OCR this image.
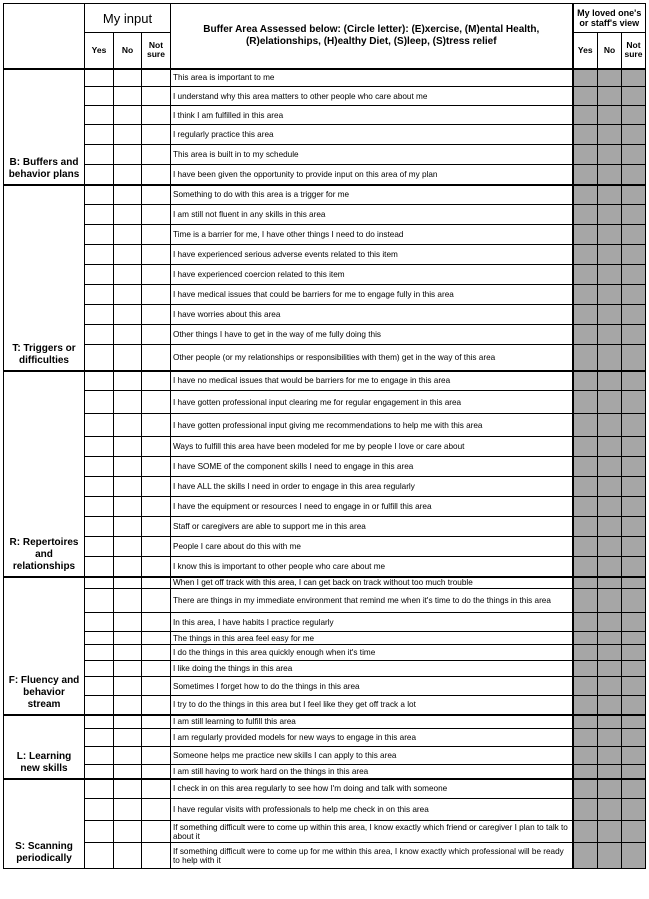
	My input			Buffer Area Assessed below: (Circle letter): (E)xercise, (M)ental Health, (R)elationships, (H)ealthy Diet, (S)leep, (S)tress relief	My loved one's or staff's view		
	Yes	No	Not sure		Yes	No	Not sure
B: Buffers and behavior plans				This area is important to me			
				I understand why this area matters to other people who care about me			
				I think I am fulfilled in this area			
				I regularly practice this area			
				This area is built in to my schedule			
				I have been given the opportunity to provide input on this area of my plan			
T: Triggers or difficulties				Something to do with this area is a trigger for me			
				I am still not fluent in any skills in this area			
				Time is a barrier for me, I have other things I need to do instead			
				I have experienced serious adverse events related to this item			
				I have experienced coercion related to this item			
				I have medical issues that could be barriers for me to engage fully in this area			
				I have worries about this area			
				Other things I have to get in the way of me fully doing this			
				Other people (or my relationships or responsibilities with them) get in the way of this area			
R: Repertoires and relationships				I have no medical issues that would be barriers for me to engage in this area			
				I have gotten professional input clearing me for regular engagement in this area			
				I have gotten professional input giving me recommendations to help me with this area			
				Ways to fulfill this area have been modeled for me by people I love or care about			
				I have SOME of the component skills I need to engage in this area			
				I have ALL the skills I need in order to engage in this area regularly			
				I have the equipment or resources I need to engage in or fulfill this area			
				Staff or caregivers are able to support me in this area			
				People I care about do this with me			
				I know this is important to other people who care about me			
F: Fluency and behavior stream				When I get off track with this area, I can get back on track without too much trouble			
				There are things in my immediate environment that remind me when it's time to do the things in this area			
				In this area, I have habits I practice regularly			
				The things in this area feel easy for me			
				I do the things in this area quickly enough when it's time			
				I like doing the things in this area			
				Sometimes I forget how to do the things in this area			
				I try to do the things in this area but I feel like they get off track a lot			
L: Learning new skills				I am still learning to fulfill this area			
				I am regularly provided models for new ways to engage in this area			
				Someone helps me practice new skills I can apply to this area			
				I am still having to work hard on the things in this area			
S: Scanning periodically				I check in on this area regularly to see how I'm doing and talk with someone			
				I have regular visits with professionals to help me check in on this area			
				If something difficult were to come up within this area, I know exactly which friend or caregiver I plan to talk to about it			
				If something difficult were to come up for me within this area, I know exactly which professional will be ready to help with it			
